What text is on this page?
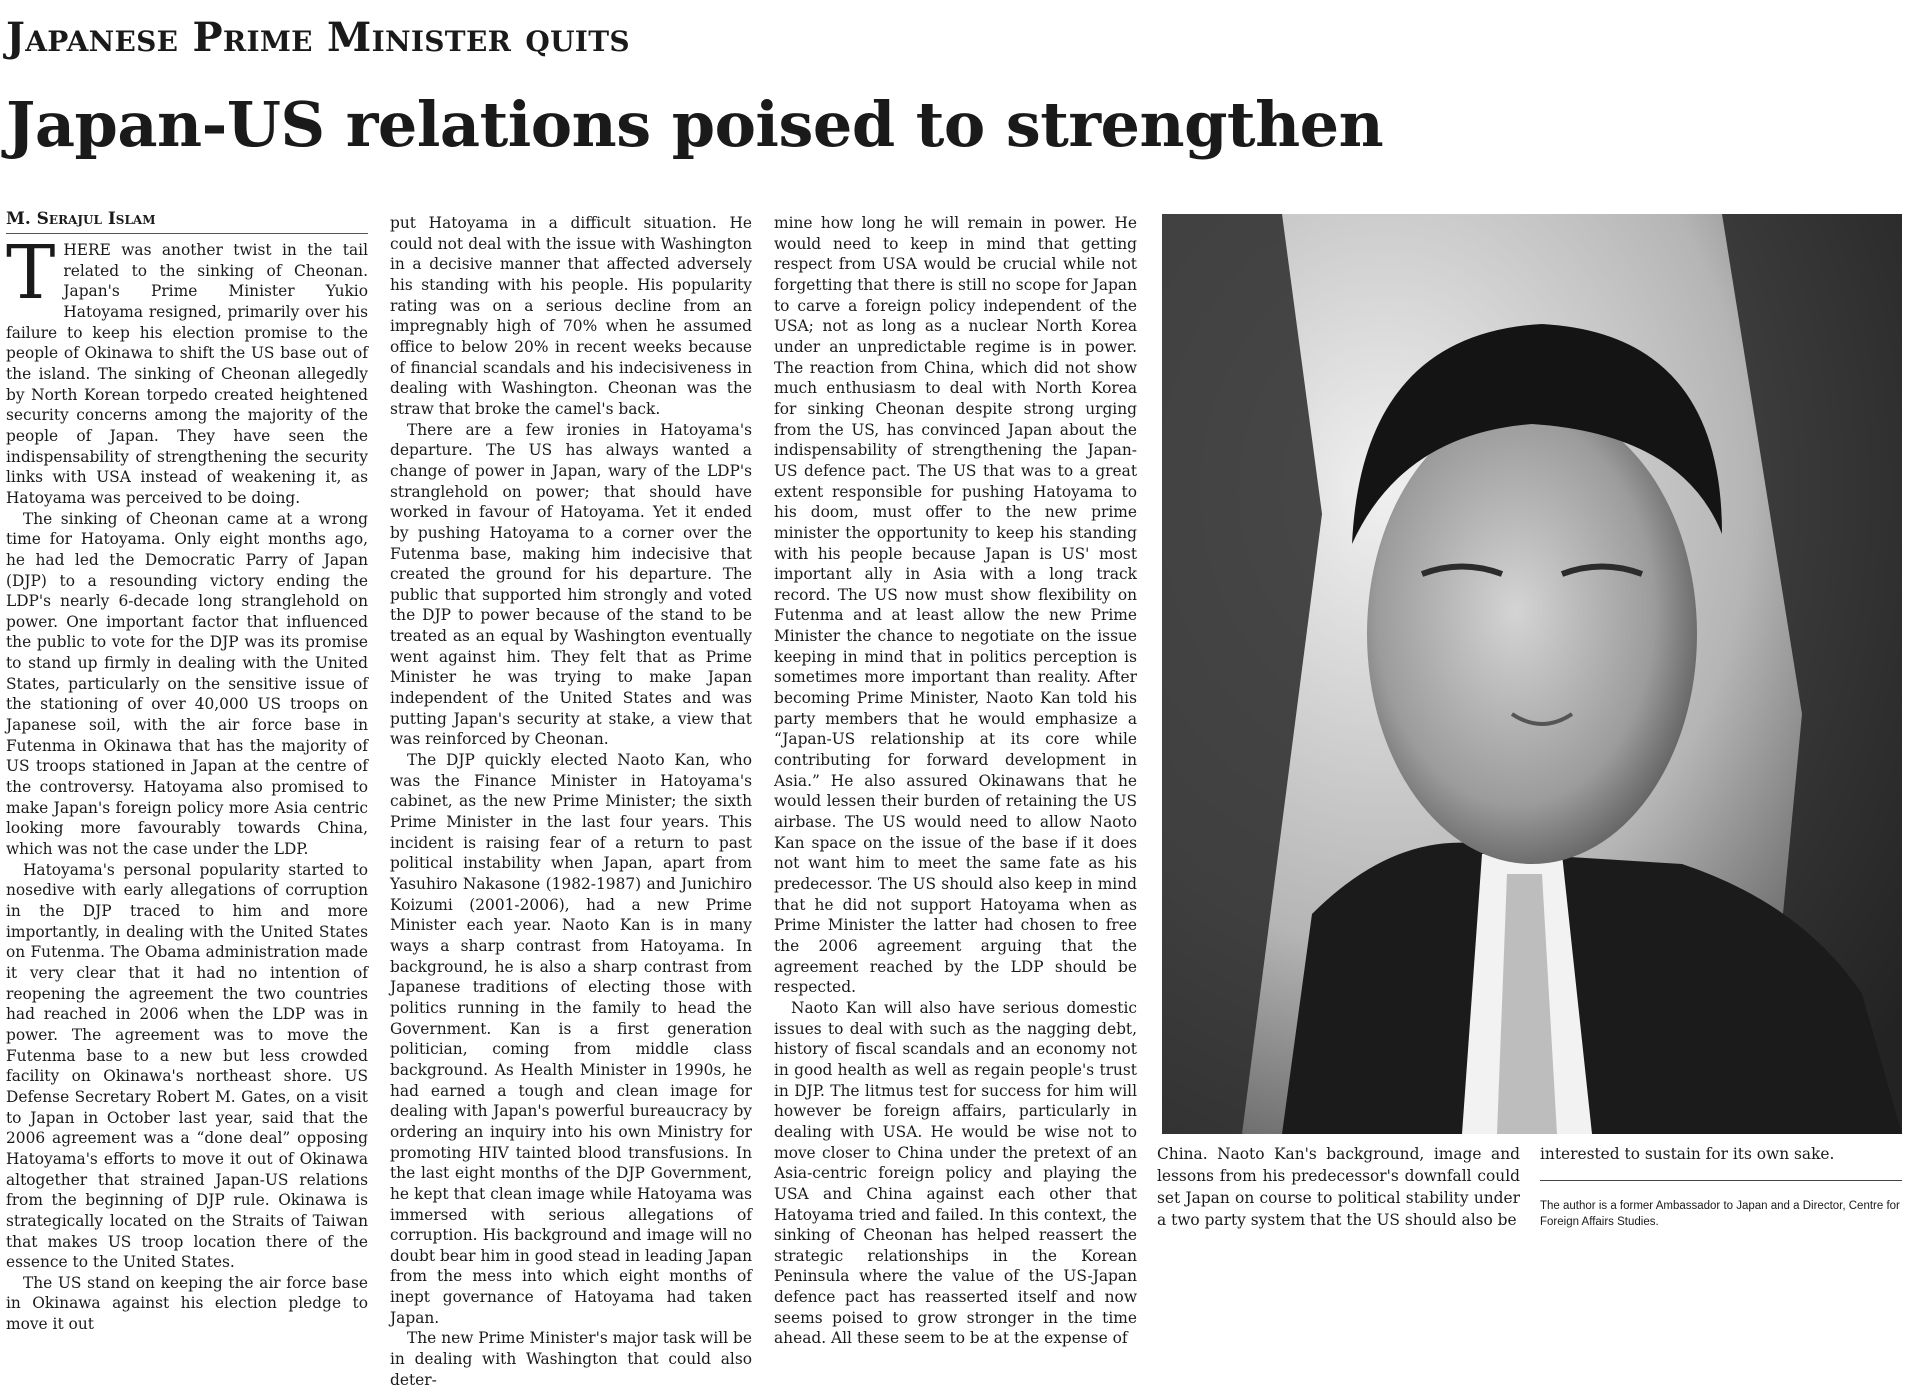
Japanese Prime Minister quits
Japan-US relations poised to strengthen
M. Serajul Islam

THERE was another twist in the tail related to the sinking of Cheonan. Japan's Prime Minister Yukio Hatoyama resigned, primarily over his failure to keep his election promise to the people of Okinawa to shift the US base out of the island. The sinking of Cheonan allegedly by North Korean torpedo created heightened security concerns among the majority of the people of Japan. They have seen the indispensability of strengthening the security links with USA instead of weakening it, as Hatoyama was perceived to be doing.

The sinking of Cheonan came at a wrong time for Hatoyama. Only eight months ago, he had led the Democratic Parry of Japan (DJP) to a resounding victory ending the LDP's nearly 6-decade long stranglehold on power. One important factor that influenced the public to vote for the DJP was its promise to stand up firmly in dealing with the United States, particularly on the sensitive issue of the stationing of over 40,000 US troops on Japanese soil, with the air force base in Futenma in Okinawa that has the majority of US troops stationed in Japan at the centre of the controversy. Hatoyama also promised to make Japan's foreign policy more Asia centric looking more favourably towards China, which was not the case under the LDP.

Hatoyama's personal popularity started to nosedive with early allegations of corruption in the DJP traced to him and more importantly, in dealing with the United States on Futenma. The Obama administration made it very clear that it had no intention of reopening the agreement the two countries had reached in 2006 when the LDP was in power. The agreement was to move the Futenma base to a new but less crowded facility on Okinawa's northeast shore. US Defense Secretary Robert M. Gates, on a visit to Japan in October last year, said that the 2006 agreement was a “done deal” opposing Hatoyama's efforts to move it out of Okinawa altogether that strained Japan-US relations from the beginning of DJP rule. Okinawa is strategically located on the Straits of Taiwan that makes US troop location there of the essence to the United States.

The US stand on keeping the air force base in Okinawa against his election pledge to move it out

put Hatoyama in a difficult situation. He could not deal with the issue with Washington in a decisive manner that affected adversely his standing with his people. His popularity rating was on a serious decline from an impregnably high of 70% when he assumed office to below 20% in recent weeks because of financial scandals and his indecisiveness in dealing with Washington. Cheonan was the straw that broke the camel's back.

There are a few ironies in Hatoyama's departure. The US has always wanted a change of power in Japan, wary of the LDP's stranglehold on power; that should have worked in favour of Hatoyama. Yet it ended by pushing Hatoyama to a corner over the Futenma base, making him indecisive that created the ground for his departure. The public that supported him strongly and voted the DJP to power because of the stand to be treated as an equal by Washington eventually went against him. They felt that as Prime Minister he was trying to make Japan independent of the United States and was putting Japan's security at stake, a view that was reinforced by Cheonan.

The DJP quickly elected Naoto Kan, who was the Finance Minister in Hatoyama's cabinet, as the new Prime Minister; the sixth Prime Minister in the last four years. This incident is raising fear of a return to past political instability when Japan, apart from Yasuhiro Nakasone (1982-1987) and Junichiro Koizumi (2001-2006), had a new Prime Minister each year. Naoto Kan is in many ways a sharp contrast from Hatoyama. In background, he is also a sharp contrast from Japanese traditions of electing those with politics running in the family to head the Government. Kan is a first generation politician, coming from middle class background. As Health Minister in 1990s, he had earned a tough and clean image for dealing with Japan's powerful bureaucracy by ordering an inquiry into his own Ministry for promoting HIV tainted blood transfusions. In the last eight months of the DJP Government, he kept that clean image while Hatoyama was immersed with serious allegations of corruption. His background and image will no doubt bear him in good stead in leading Japan from the mess into which eight months of inept governance of Hatoyama had taken Japan.

The new Prime Minister's major task will be in dealing with Washington that could also deter-

mine how long he will remain in power. He would need to keep in mind that getting respect from USA would be crucial while not forgetting that there is still no scope for Japan to carve a foreign policy independent of the USA; not as long as a nuclear North Korea under an unpredictable regime is in power. The reaction from China, which did not show much enthusiasm to deal with North Korea for sinking Cheonan despite strong urging from the US, has convinced Japan about the indispensability of strengthening the Japan-US defence pact. The US that was to a great extent responsible for pushing Hatoyama to his doom, must offer to the new prime minister the opportunity to keep his standing with his people because Japan is US' most important ally in Asia with a long track record. The US now must show flexibility on Futenma and at least allow the new Prime Minister the chance to negotiate on the issue keeping in mind that in politics perception is sometimes more important than reality. After becoming Prime Minister, Naoto Kan told his party members that he would emphasize a “Japan-US relationship at its core while contributing for forward development in Asia.” He also assured Okinawans that he would lessen their burden of retaining the US airbase. The US would need to allow Naoto Kan space on the issue of the base if it does not want him to meet the same fate as his predecessor. The US should also keep in mind that he did not support Hatoyama when as Prime Minister the latter had chosen to free the 2006 agreement arguing that the agreement reached by the LDP should be respected.

Naoto Kan will also have serious domestic issues to deal with such as the nagging debt, history of fiscal scandals and an economy not in good health as well as regain people's trust in DJP. The litmus test for success for him will however be foreign affairs, particularly in dealing with USA. He would be wise not to move closer to China under the pretext of an Asia-centric foreign policy and playing the USA and China against each other that Hatoyama tried and failed. In this context, the sinking of Cheonan has helped reassert the strategic relationships in the Korean Peninsula where the value of the US-Japan defence pact has reasserted itself and now seems poised to grow stronger in the time ahead. All these seem to be at the expense of

China. Naoto Kan's background, image and lessons from his predecessor's downfall could set Japan on course to political stability under a two party system that the US should also be

interested to sustain for its own sake.

The author is a former Ambassador to Japan and a Director, Centre for Foreign Affairs Studies.
